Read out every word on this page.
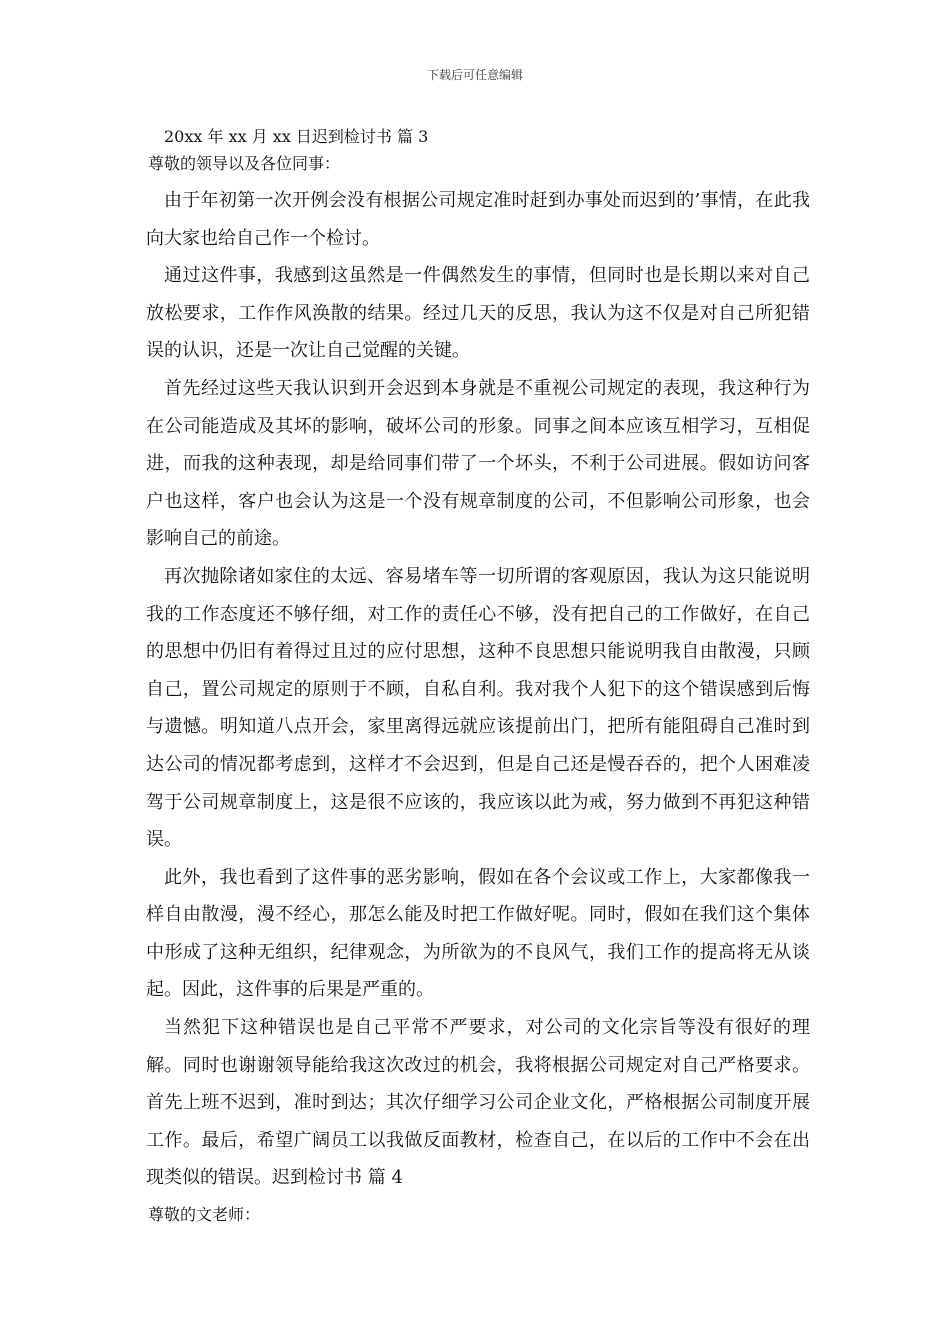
下载后可任意编辑
20xx 年 xx 月 xx 日迟到检讨书 篇 3
尊敬的领导以及各位同事：

由于年初第一次开例会没有根据公司规定准时赶到办事处而迟到的’事情，在此我向大家也给自己作一个检讨。

通过这件事，我感到这虽然是一件偶然发生的事情，但同时也是长期以来对自己放松要求，工作作风涣散的结果。经过几天的反思，我认为这不仅是对自己所犯错误的认识，还是一次让自己觉醒的关键。

首先经过这些天我认识到开会迟到本身就是不重视公司规定的表现，我这种行为在公司能造成及其坏的影响，破坏公司的形象。同事之间本应该互相学习，互相促进，而我的这种表现，却是给同事们带了一个坏头，不利于公司进展。假如访问客户也这样，客户也会认为这是一个没有规章制度的公司，不但影响公司形象，也会影响自己的前途。

再次抛除诸如家住的太远、容易堵车等一切所谓的客观原因，我认为这只能说明我的工作态度还不够仔细，对工作的责任心不够，没有把自己的工作做好，在自己的思想中仍旧有着得过且过的应付思想，这种不良思想只能说明我自由散漫，只顾自己，置公司规定的原则于不顾，自私自利。我对我个人犯下的这个错误感到后悔与遗憾。明知道八点开会，家里离得远就应该提前出门，把所有能阻碍自己准时到达公司的情况都考虑到，这样才不会迟到，但是自己还是慢吞吞的，把个人困难凌驾于公司规章制度上，这是很不应该的，我应该以此为戒，努力做到不再犯这种错误。

此外，我也看到了这件事的恶劣影响，假如在各个会议或工作上，大家都像我一样自由散漫，漫不经心，那怎么能及时把工作做好呢。同时，假如在我们这个集体中形成了这种无组织，纪律观念，为所欲为的不良风气，我们工作的提高将无从谈起。因此，这件事的后果是严重的。

当然犯下这种错误也是自己平常不严要求，对公司的文化宗旨等没有很好的理解。同时也谢谢领导能给我这次改过的机会，我将根据公司规定对自己严格要求。首先上班不迟到，准时到达；其次仔细学习公司企业文化，严格根据公司制度开展工作。最后，希望广阔员工以我做反面教材，检查自己，在以后的工作中不会在出现类似的错误。迟到检讨书 篇 4

尊敬的文老师：
